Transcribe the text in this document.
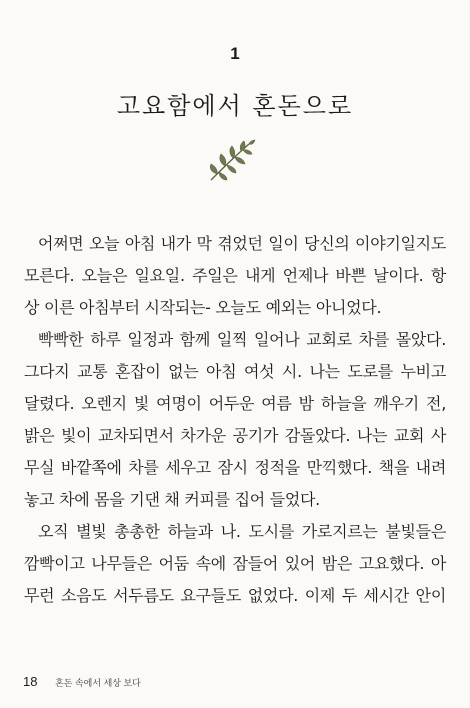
1
고요함에서 혼돈으로
어쩌면 오늘 아침 내가 막 겪었던 일이 당신의 이야기일지도
모른다. 오늘은 일요일. 주일은 내게 언제나 바쁜 날이다. 항
상 이른 아침부터 시작되는- 오늘도 예외는 아니었다.
빡빡한 하루 일정과 함께 일찍 일어나 교회로 차를 몰았다.
그다지 교통 혼잡이 없는 아침 여섯 시. 나는 도로를 누비고
달렸다. 오렌지 빛 여명이 어두운 여름 밤 하늘을 깨우기 전,
밝은 빛이 교차되면서 차가운 공기가 감돌았다. 나는 교회 사
무실 바깥쪽에 차를 세우고 잠시 정적을 만끽했다. 책을 내려
놓고 차에 몸을 기댄 채 커피를 집어 들었다.
오직 별빛 총총한 하늘과 나. 도시를 가로지르는 불빛들은
깜빡이고 나무들은 어둠 속에 잠들어 있어 밤은 고요했다. 아
무런 소음도 서두름도 요구들도 없었다. 이제 두 세시간 안이
18 혼돈 속에서 세상 보다
